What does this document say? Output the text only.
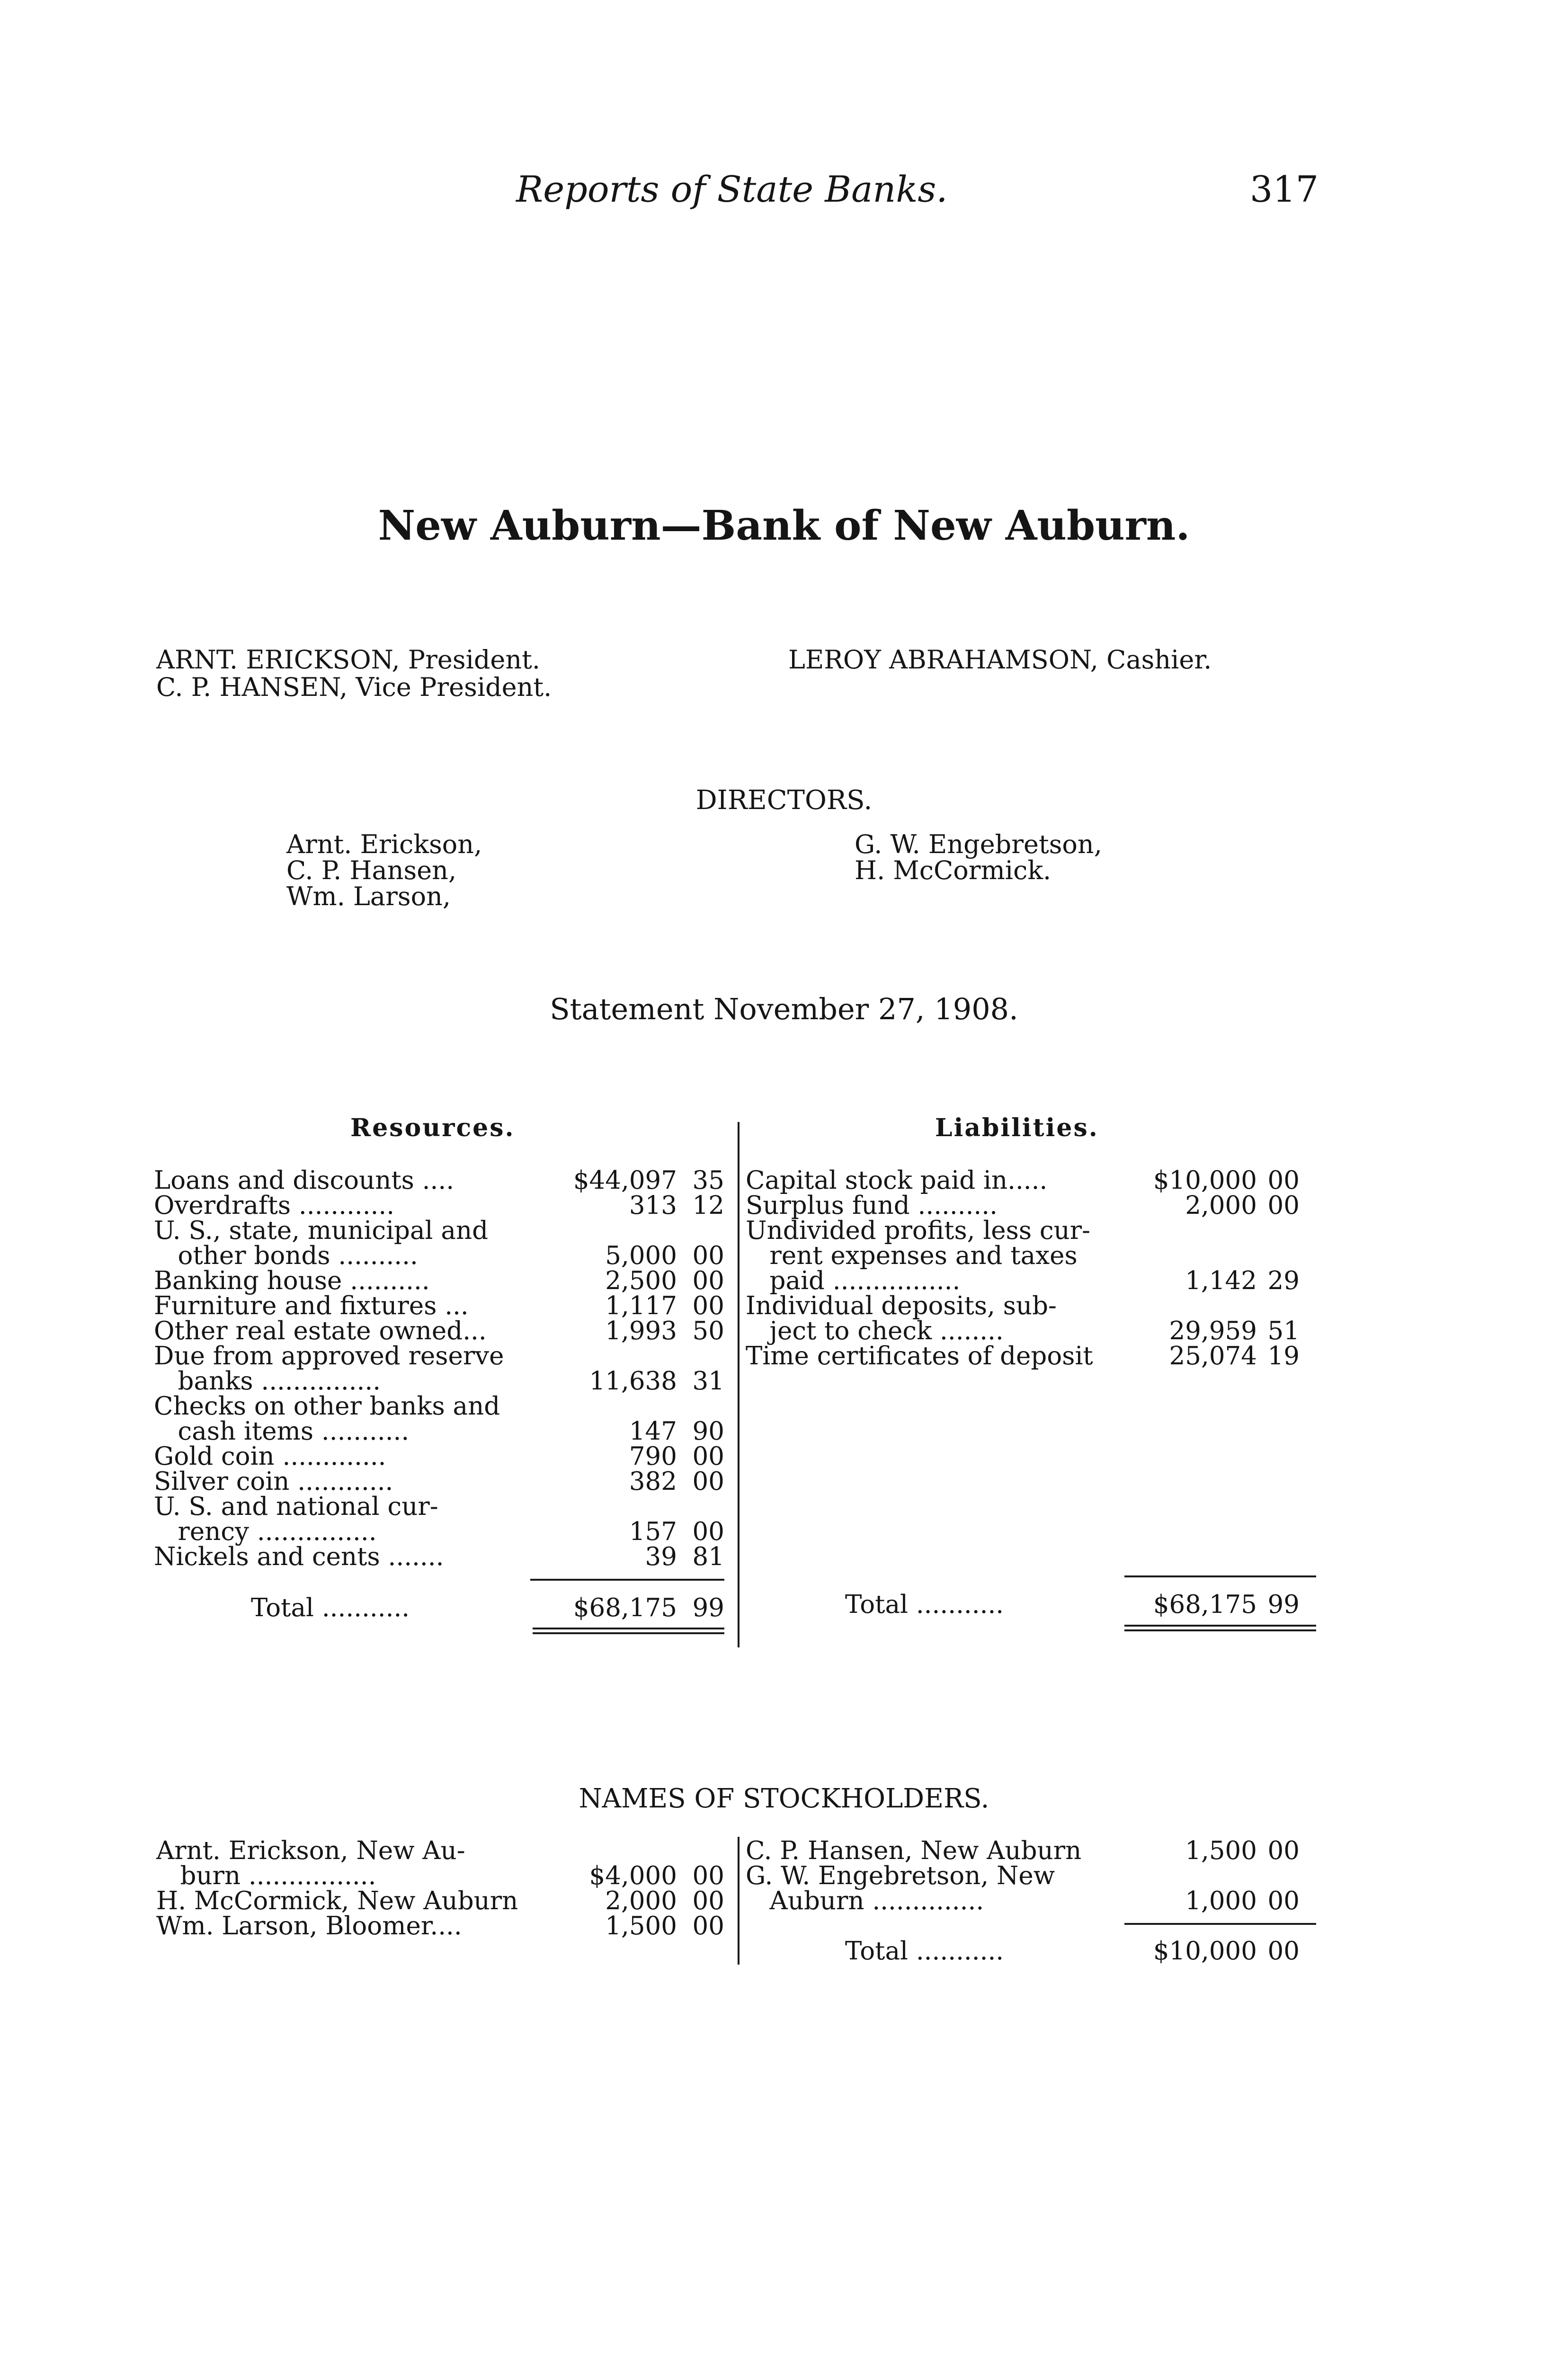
Reports of State Banks.	317
New Auburn—Bank of New Auburn.
ARNT. ERICKSON, President.
C. P. HANSEN, Vice President.
LEROY ABRAHAMSON, Cashier.
DIRECTORS.
Arnt. Erickson,
C. P. Hansen,
Wm. Larson,
G. W. Engebretson,
H. McCormick.
Statement November 27, 1908.
Resources.	Liabilities.
Loans and discounts ....	$44,097 35
Overdrafts ............	313 12
U. S., state, municipal and
other bonds ..........	5,000 00
Banking house ..........	2,500 00
Furniture and fixtures ...	1,117 00
Other real estate owned...	1,993 50
Due from approved reserve
banks ...............	11,638 31
Checks on other banks and
cash items ...........	147 90
Gold coin .............	790 00
Silver coin ............	382 00
U. S. and national cur-
rency ...............	157 00
Nickels and cents .......	39 81
Total ...........	$68,175 99
Capital stock paid in.....	$10,000 00
Surplus fund ..........	2,000 00
Undivided profits, less cur-
rent expenses and taxes
paid ................	1,142 29
Individual deposits, sub-
ject to check ........	29,959 51
Time certificates of deposit	25,074 19
Total ...........	$68,175 99
NAMES OF STOCKHOLDERS.
Arnt. Erickson, New Au-
burn ................	$4,000 00
H. McCormick, New Auburn	2,000 00
Wm. Larson, Bloomer....	1,500 00
C. P. Hansen, New Auburn	1,500 00
G. W. Engebretson, New
Auburn ..............	1,000 00
Total ...........	$10,000 00
